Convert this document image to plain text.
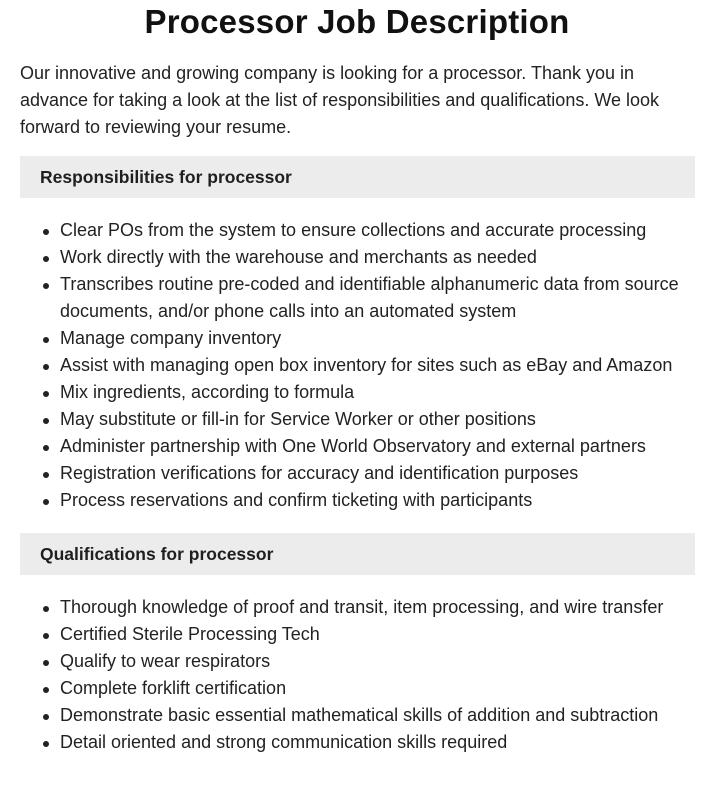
Processor Job Description

Our innovative and growing company is looking for a processor. Thank you in advance for taking a look at the list of responsibilities and qualifications. We look forward to reviewing your resume.

Responsibilities for processor
Clear POs from the system to ensure collections and accurate processing
Work directly with the warehouse and merchants as needed
Transcribes routine pre-coded and identifiable alphanumeric data from source documents, and/or phone calls into an automated system
Manage company inventory
Assist with managing open box inventory for sites such as eBay and Amazon
Mix ingredients, according to formula
May substitute or fill-in for Service Worker or other positions
Administer partnership with One World Observatory and external partners
Registration verifications for accuracy and identification purposes
Process reservations and confirm ticketing with participants
Qualifications for processor
Thorough knowledge of proof and transit, item processing, and wire transfer
Certified Sterile Processing Tech
Qualify to wear respirators
Complete forklift certification
Demonstrate basic essential mathematical skills of addition and subtraction
Detail oriented and strong communication skills required
